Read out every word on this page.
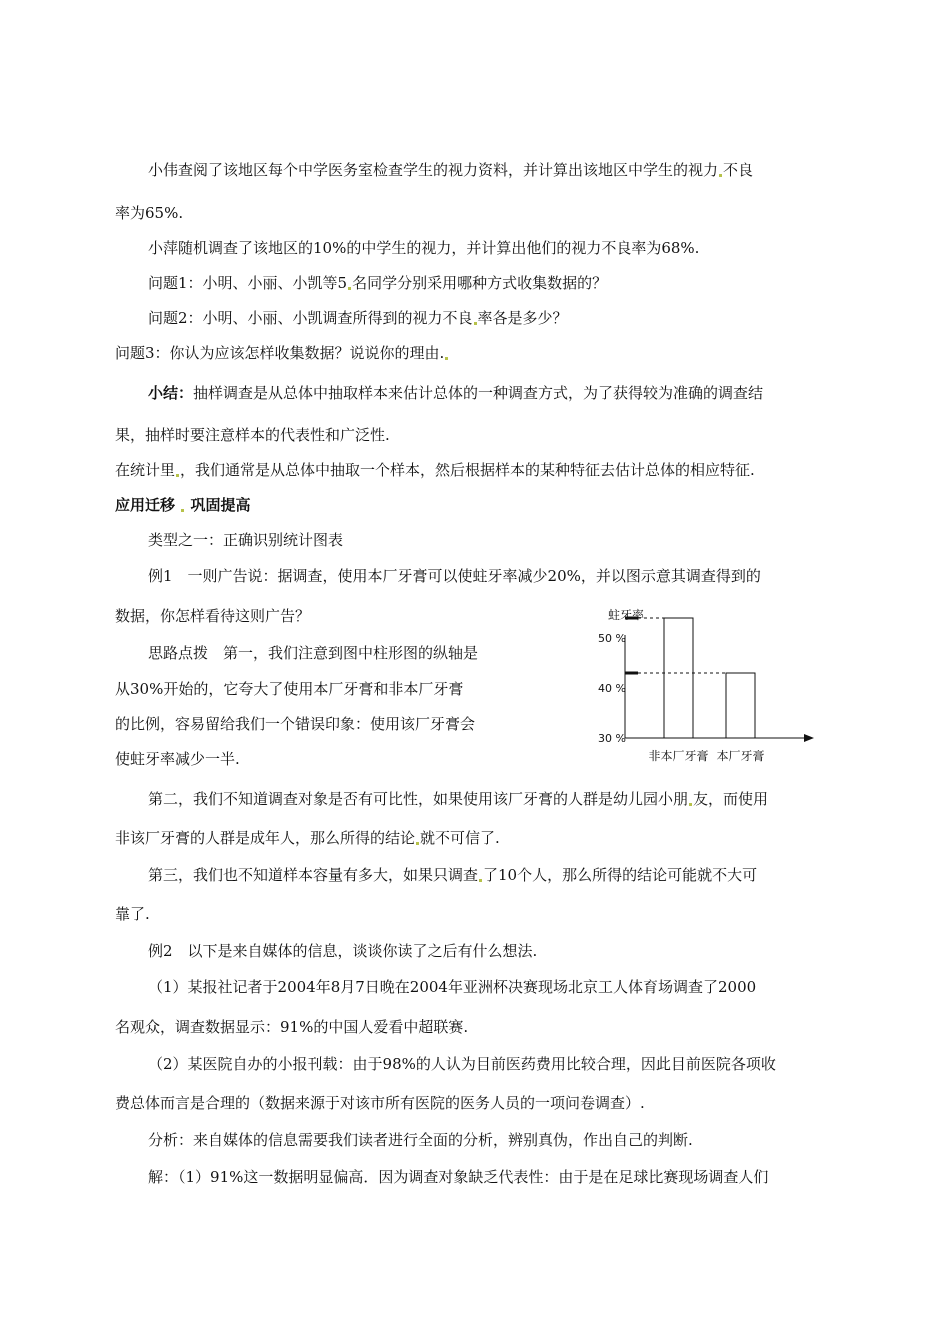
小伟查阅了该地区每个中学医务室检查学生的视力资料，并计算出该地区中学生的视力 不良
率为65%.
小萍随机调查了该地区的10%的中学生的视力，并计算出他们的视力不良率为68%.
问题1：小明、小丽、小凯等5 名同学分别采用哪种方式收集数据的？
问题2：小明、小丽、小凯调查所得到的视力不良 率各是多少？
问题3：你认为应该怎样收集数据？说说你的理由.
小结：抽样调查是从总体中抽取样本来估计总体的一种调查方式，为了获得较为准确的调查结
果，抽样时要注意样本的代表性和广泛性.
在统计里 ，我们通常是从总体中抽取一个样本，然后根据样本的某种特征去估计总体的相应特征.
应用迁移 巩固提高
类型之一：正确识别统计图表
例1　一则广告说：据调查，使用本厂牙膏可以使蛀牙率减少20%，并以图示意其调查得到的
数据，你怎样看待这则广告？
思路点拨　第一，我们注意到图中柱形图的纵轴是
从30%开始的，它夸大了使用本厂牙膏和非本厂牙膏
的比例，容易留给我们一个错误印象：使用该厂牙膏会
使蛀牙率减少一半.
蛀牙率
30 %
40 %
50 %
非本厂牙膏 本厂牙膏
第二，我们不知道调查对象是否有可比性，如果使用该厂牙膏的人群是幼儿园小朋 友，而使用
非该厂牙膏的人群是成年人，那么所得的结论 就不可信了.
第三，我们也不知道样本容量有多大，如果只调查 了10个人，那么所得的结论可能就不大可
靠了.
例2　以下是来自媒体的信息，谈谈你读了之后有什么想法.
（1）某报社记者于2004年8月7日晚在2004年亚洲杯决赛现场北京工人体育场调查了2000
名观众，调查数据显示：91%的中国人爱看中超联赛.
（2）某医院自办的小报刊载：由于98%的人认为目前医药费用比较合理，因此目前医院各项收
费总体而言是合理的（数据来源于对该市所有医院的医务人员的一项问卷调查）.
分析：来自媒体的信息需要我们读者进行全面的分析，辨别真伪，作出自己的判断.
解：（1）91%这一数据明显偏高．因为调查对象缺乏代表性：由于是在足球比赛现场调查人们
